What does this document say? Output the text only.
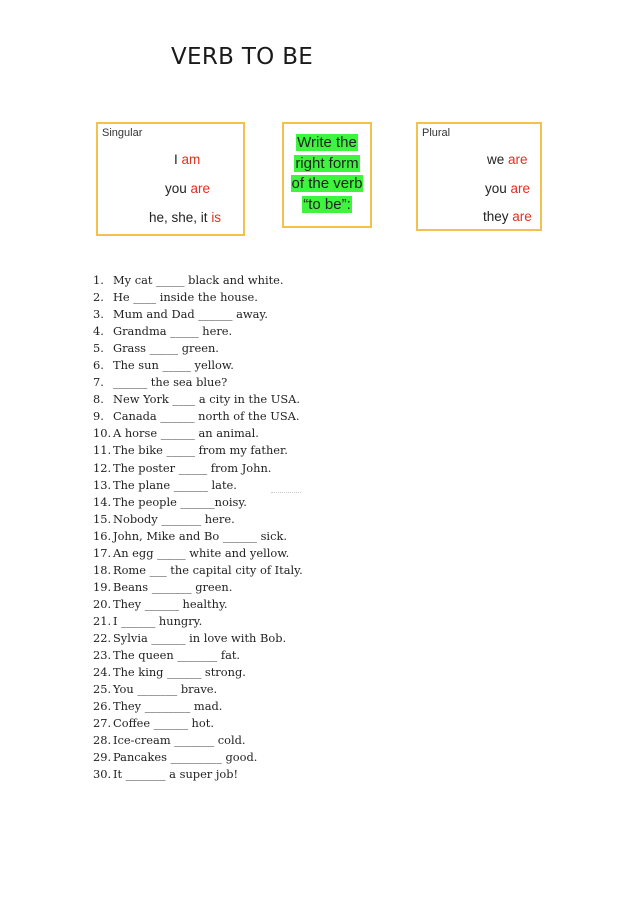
VERB TO BE
Singular
I am
you are
he, she, it is
Write the
right form
of the verb
“to be”:
Plural
we are
you are
they are
1. My cat _____ black and white.
2. He ____ inside the house.
3. Mum and Dad ______ away.
4. Grandma _____ here.
5. Grass _____ green.
6. The sun _____ yellow.
7. ______ the sea blue?
8. New York ____ a city in the USA.
9. Canada ______ north of the USA.
10. A horse ______ an animal.
11. The bike _____ from my father.
12. The poster _____ from John.
13. The plane ______ late.
14. The people ______noisy.
15. Nobody _______ here.
16. John, Mike and Bo ______ sick.
17. An egg _____ white and yellow.
18. Rome ___ the capital city of Italy.
19. Beans _______ green.
20. They ______ healthy.
21. I ______ hungry.
22. Sylvia ______ in love with Bob.
23. The queen _______ fat.
24. The king ______ strong.
25. You _______ brave.
26. They ________ mad.
27. Coffee ______ hot.
28. Ice-cream _______ cold.
29. Pancakes _________ good.
30. It _______ a super job!
